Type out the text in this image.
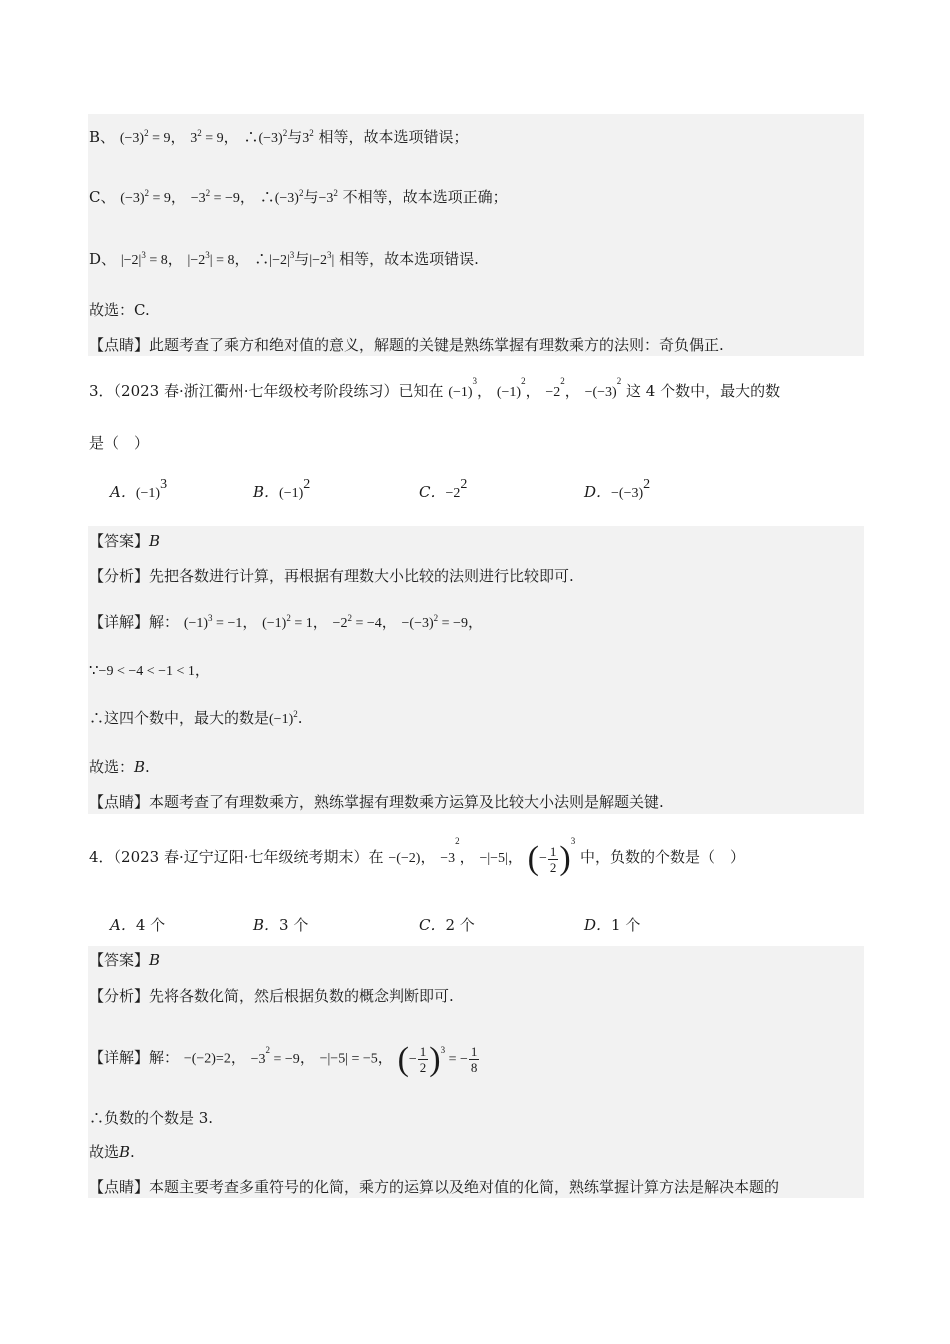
B、 $(-3)^2 = 9$， $3^2 = 9$， $\therefore(-3)^2$与$3^2$ 相等，故本选项错误；
C、 $(-3)^2 = 9$， $-3^2 = -9$， $\therefore(-3)^2$与$-3^2$ 不相等，故本选项正确；
D、 $|-2|^3 = 8$， $|-2^3| = 8$， $\therefore|-2|^3$与$|-2^3|$ 相等，故本选项错误.
故选：C.
【点睛】此题考查了乘方和绝对值的意义，解题的关键是熟练掌握有理数乘方的法则：奇负偶正.
3．（2023 春·浙江衢州·七年级校考阶段练习）已知在 $(-1)^3$， $(-1)^2$， $-2^2$， $-(-3)^2$ 这 4 个数中，最大的数
是（　）
A．$(-1)^3$	B．$(-1)^2$	C．$-2^2$	D．$-(-3)^2$
【答案】B
【分析】先把各数进行计算，再根据有理数大小比较的法则进行比较即可.
【详解】解： $(-1)^3 = -1$， $(-1)^2 = 1$， $-2^2 = -4$， $-(-3)^2 = -9$，
∵−9 < −4 < −1 < 1，
∴这四个数中，最大的数是$(-1)^2$.
故选：B.
【点睛】本题考查了有理数乘方，熟练掌握有理数乘方运算及比较大小法则是解题关键.
4．（2023 春·辽宁辽阳·七年级统考期末）在 −(−2)， $-3^2$， −|−5|， (− $\frac{1}{2} )^3$ 中，负数的个数是（　）
A．4 个	B．3 个	C．2 个	D．1 个
【答案】B
【分析】先将各数化简，然后根据负数的概念判断即可.
【详解】解： −(−2)=2， $-3^2 = -9$， −|−5| = −5， (− $\frac{1}{2} )^3$ = − $\frac{1}{8}$
∴负数的个数是 3.
故选B.
【点睛】本题主要考查多重符号的化简，乘方的运算以及绝对值的化简，熟练掌握计算方法是解决本题的
